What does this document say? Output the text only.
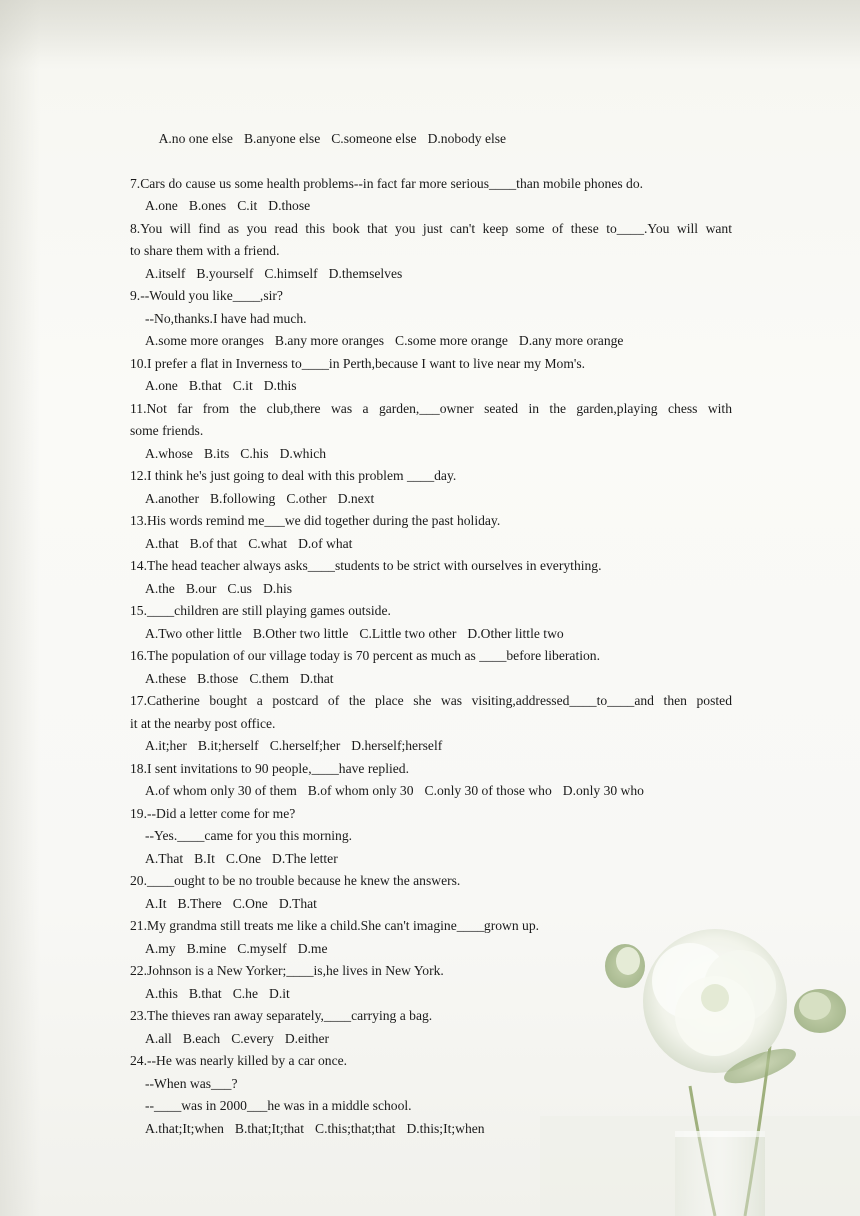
A.no one else B.anyone else C.someone else D.nobody else

7.Cars do cause us some health problems--in fact far more serious____than mobile phones do.
A.one B.ones C.it D.those
8.You will find as you read this book that you just can't keep some of these to____.You will want
to share them with a friend.
A.itself B.yourself C.himself D.themselves
9.--Would you like____,sir?
--No,thanks.I have had much.
A.some more oranges B.any more oranges C.some more orange D.any more orange
10.I prefer a flat in Inverness to____in Perth,because I want to live near my Mom's.
A.one B.that C.it D.this
11.Not far from the club,there was a garden,___owner seated in the garden,playing chess with
some friends.
A.whose B.its C.his D.which
12.I think he's just going to deal with this problem ____day.
A.another B.following C.other D.next
13.His words remind me___we did together during the past holiday.
A.that B.of that C.what D.of what
14.The head teacher always asks____students to be strict with ourselves in everything.
A.the B.our C.us D.his
15.____children are still playing games outside.
A.Two other little B.Other two little C.Little two other D.Other little two
16.The population of our village today is 70 percent as much as ____before liberation.
A.these B.those C.them D.that
17.Catherine bought a postcard of the place she was visiting,addressed____to____and then posted
it at the nearby post office.
A.it;her B.it;herself C.herself;her D.herself;herself
18.I sent invitations to 90 people,____have replied.
A.of whom only 30 of them B.of whom only 30 C.only 30 of those who D.only 30 who
19.--Did a letter come for me?
--Yes.____came for you this morning.
A.That B.It C.One D.The letter
20.____ought to be no trouble because he knew the answers.
A.It B.There C.One D.That
21.My grandma still treats me like a child.She can't imagine____grown up.
A.my B.mine C.myself D.me
22.Johnson is a New Yorker;____is,he lives in New York.
A.this B.that C.he D.it
23.The thieves ran away separately,____carrying a bag.
A.all B.each C.every D.either
24.--He was nearly killed by a car once.
--When was___?
--____was in 2000___he was in a middle school.
A.that;It;when B.that;It;that C.this;that;that D.this;It;when
